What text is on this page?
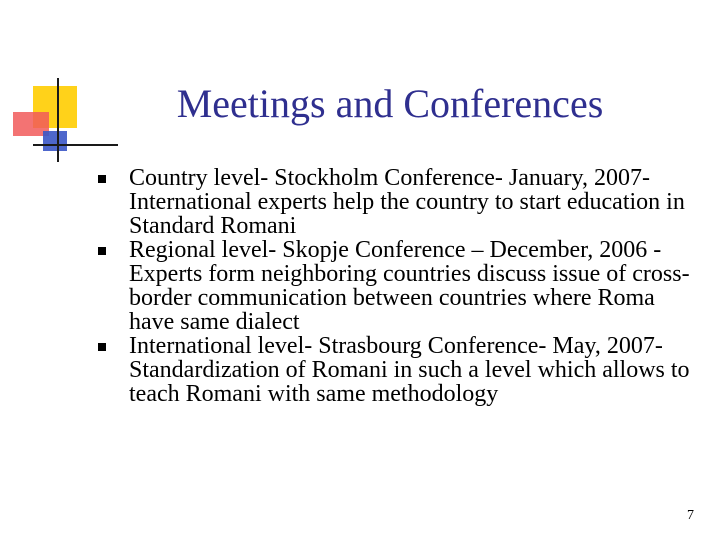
Meetings and Conferences
Country level- Stockholm Conference- January, 2007- International experts help the country to start education in Standard Romani
Regional level- Skopje Conference – December, 2006 - Experts form neighboring countries discuss issue of cross-border communication between countries where Roma have same dialect
International level- Strasbourg Conference- May, 2007-Standardization of Romani in such a level which allows to teach Romani with same methodology
7
